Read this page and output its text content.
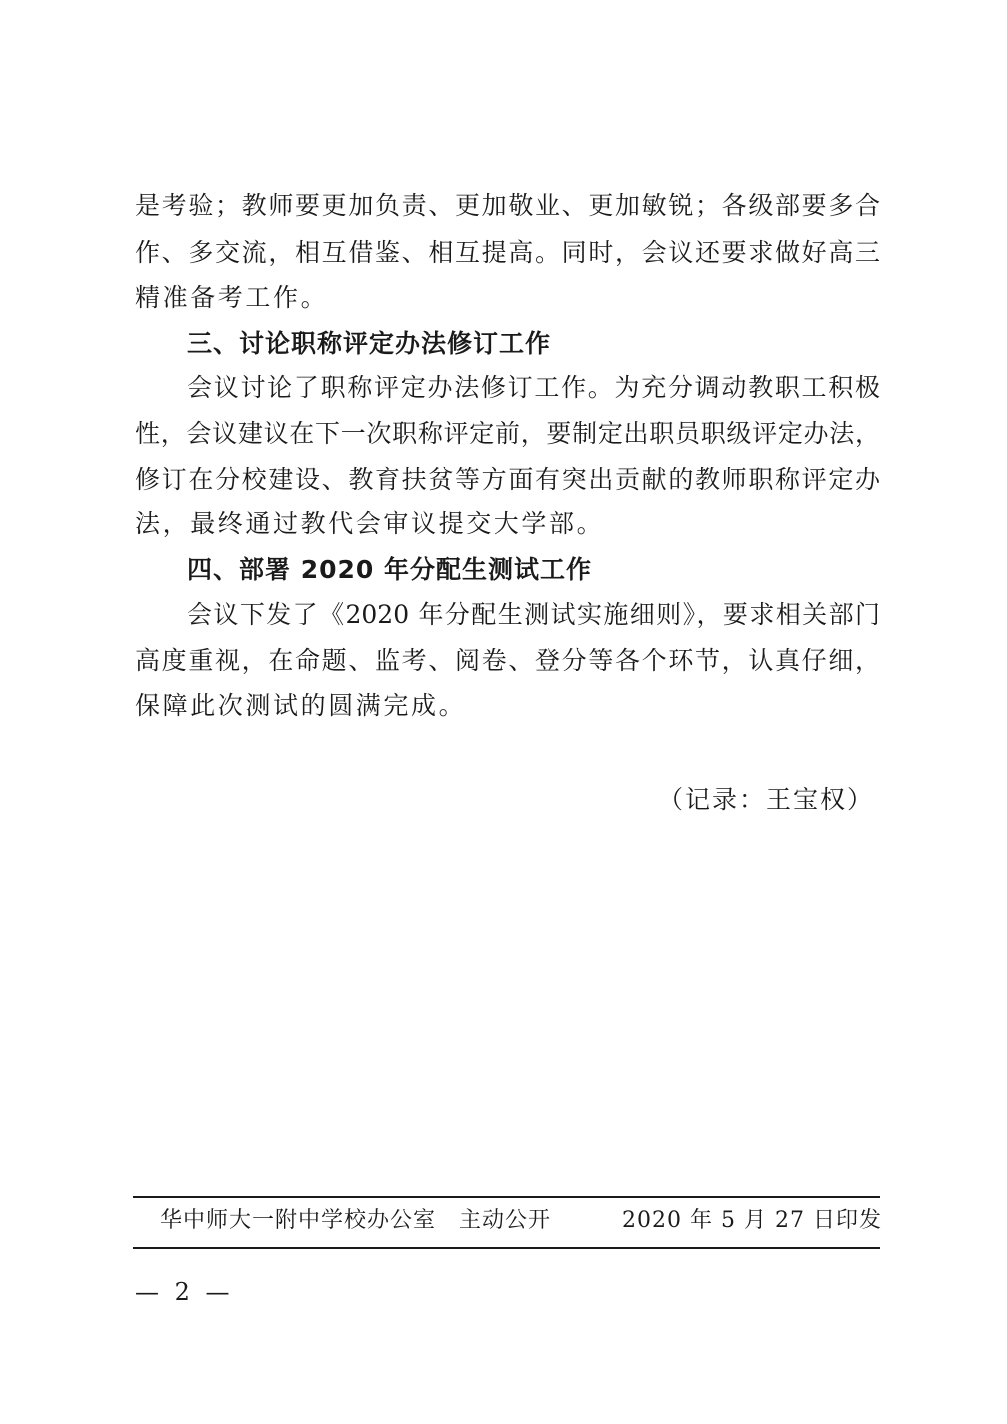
是考验；教师要更加负责、更加敬业、更加敏锐；各级部要多合
作、多交流，相互借鉴、相互提高。同时，会议还要求做好高三
精准备考工作。
三、讨论职称评定办法修订工作
会议讨论了职称评定办法修订工作。为充分调动教职工积极
性，会议建议在下一次职称评定前，要制定出职员职级评定办法，
修订在分校建设、教育扶贫等方面有突出贡献的教师职称评定办
法，最终通过教代会审议提交大学部。
四、部署 2020 年分配生测试工作
会议下发了《2020 年分配生测试实施细则》，要求相关部门
高度重视，在命题、监考、阅卷、登分等各个环节，认真仔细，
保障此次测试的圆满完成。
（记录：王宝权）
华中师大一附中学校办公室　主动公开	2020 年 5 月 27 日印发
— 2 —
